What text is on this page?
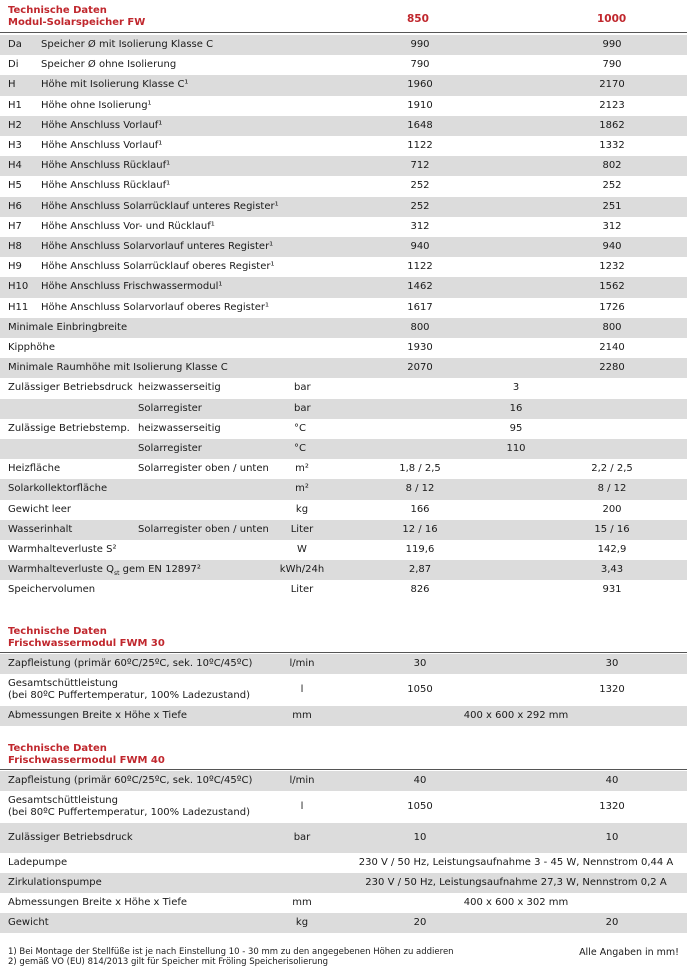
Technische Daten
Modul-Solarspeicher FW	850	1000
Da Speicher Ø mit Isolierung Klasse C	990	990
Di Speicher Ø ohne Isolierung	790	790
H	Höhe mit Isolierung Klasse C¹	1960	2170
H1 Höhe ohne Isolierung¹	1910	2123
H2 Höhe Anschluss Vorlauf¹	1648	1862
H3 Höhe Anschluss Vorlauf¹	1122	1332
H4 Höhe Anschluss Rücklauf¹	712	802
H5 Höhe Anschluss Rücklauf¹	252	252
H6 Höhe Anschluss Solarrücklauf unteres Register¹	252	251
H7 Höhe Anschluss Vor- und Rücklauf¹	312	312
H8 Höhe Anschluss Solarvorlauf unteres Register¹	940	940
H9 Höhe Anschluss Solarrücklauf oberes Register¹	1122	1232
H10 Höhe Anschluss Frischwassermodul¹	1462	1562
H11 Höhe Anschluss Solarvorlauf oberes Register¹	1617	1726
Minimale Einbringbreite	800	800
Kipphöhe	1930	2140
Minimale Raumhöhe mit Isolierung Klasse C	2070	2280
Zulässiger Betriebsdruck heizwasserseitig	bar	3
Solarregister	bar	16
Zulässige Betriebstemp. heizwasserseitig	°C	95
Solarregister	°C	110
Heizfläche	Solarregister oben / unten	m²	1,8 / 2,5	2,2 / 2,5
Solarkollektorfläche	m²	8 / 12	8 / 12
Gewicht leer	kg	166	200
Wasserinhalt	Solarregister oben / unten Liter	12 / 16	15 / 16
Warmhalteverluste S²	W	119,6	142,9
Warmhalteverluste $Q_{st}$ gem EN 12897²	kWh/24h	2,87	3,43
Speichervolumen	Liter	826	931
Technische Daten
Frischwassermodul FWM 30
Zapfleistung (primär 60ºC/25ºC, sek. 10ºC/45ºC)	l/min	30	30
Gesamtschüttleistung
(bei 80ºC Puffertemperatur, 100% Ladezustand)
l	1050	1320
Abmessungen Breite x Höhe x Tiefe	mm	400 x 600 x 292 mm
Technische Daten
Frischwassermodul FWM 40
Zapfleistung (primär 60ºC/25ºC, sek. 10ºC/45ºC)	l/min	40	40
Gesamtschüttleistung
(bei 80ºC Puffertemperatur, 100% Ladezustand)
l	1050	1320
Zulässiger Betriebsdruck	bar	10	10
Ladepumpe	230 V / 50 Hz, Leistungsaufnahme 3 - 45 W, Nennstrom 0,44 A
Zirkulationspumpe	230 V / 50 Hz, Leistungsaufnahme 27,3 W, Nennstrom 0,2 A
Abmessungen Breite x Höhe x Tiefe	mm	400 x 600 x 302 mm
Gewicht	kg	20	20
1) Bei Montage der Stellfüße ist je nach Einstellung 10 - 30 mm zu den angegebenen Höhen zu addieren
2) gemäß VO (EU) 814/2013 gilt für Speicher mit Fröling Speicherisolierung
Alle Angaben in mm!
